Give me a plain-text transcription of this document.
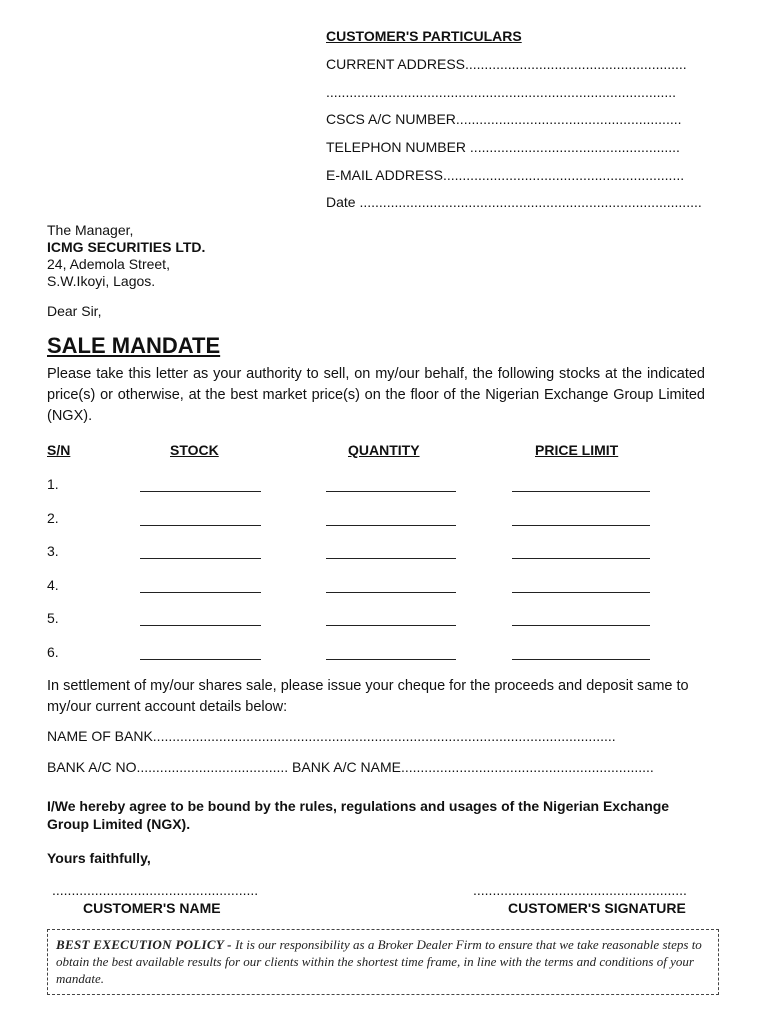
CUSTOMER'S PARTICULARS
CURRENT ADDRESS.........................................................
..........................................................................................
CSCS A/C NUMBER..........................................................
TELEPHON NUMBER ......................................................
E-MAIL ADDRESS..............................................................
Date ........................................................................................
The Manager,
ICMG SECURITIES LTD.
24, Ademola Street,
S.W.Ikoyi, Lagos.
Dear Sir,
SALE MANDATE
Please take this letter as your authority to sell, on my/our behalf, the following stocks at the indicated price(s) or otherwise, at the best market price(s) on the floor of the Nigerian Exchange Group Limited (NGX).
S/N	STOCK	QUANTITY	PRICE LIMIT
1.
2.
3.
4.
5.
6.
In settlement of my/our shares sale, please issue your cheque for the proceeds and deposit same to my/our current account details below:
NAME OF BANK.......................................................................................................................
BANK A/C NO....................................... BANK A/C NAME.................................................................
I/We hereby agree to be bound by the rules, regulations and usages of the Nigerian Exchange Group Limited (NGX).
Yours faithfully,
.....................................................	.......................................................
CUSTOMER'S NAME	CUSTOMER'S SIGNATURE
BEST EXECUTION POLICY - It is our responsibility as a Broker Dealer Firm to ensure that we take reasonable steps to obtain the best available results for our clients within the shortest time frame, in line with the terms and conditions of your mandate.
